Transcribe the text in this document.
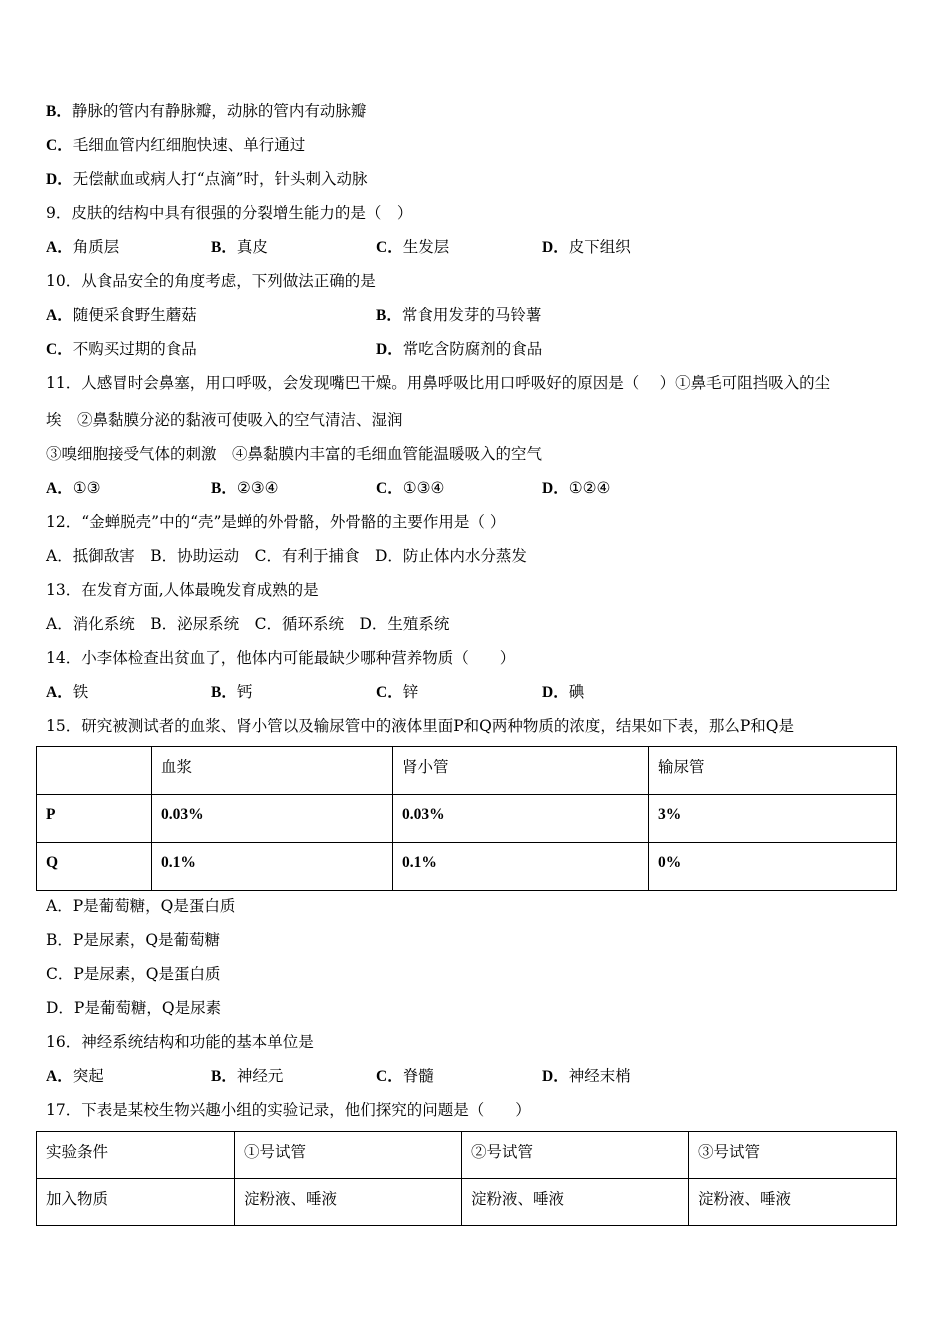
B．静脉的管内有静脉瓣，动脉的管内有动脉瓣
C．毛细血管内红细胞快速、单行通过
D．无偿献血或病人打“点滴”时，针头刺入动脉
9．皮肤的结构中具有很强的分裂增生能力的是（　）
A．角质层	B．真皮	C．生发层	D．皮下组织
10．从食品安全的角度考虑，下列做法正确的是
A．随便采食野生蘑菇	B．常食用发芽的马铃薯
C．不购买过期的食品	D．常吃含防腐剂的食品
11．人感冒时会鼻塞，用口呼吸，会发现嘴巴干燥。用鼻呼吸比用口呼吸好的原因是（　 ）①鼻毛可阻挡吸入的尘
埃　②鼻黏膜分泌的黏液可使吸入的空气清洁、湿润
③嗅细胞接受气体的刺激　④鼻黏膜内丰富的毛细血管能温暖吸入的空气
A．①③	B．②③④	C．①③④	D．①②④
12．“金蝉脱壳”中的“壳”是蝉的外骨骼，外骨骼的主要作用是（ ）
A．抵御敌害　B．协助运动　C．有利于捕食　D．防止体内水分蒸发
13．在发育方面,人体最晚发育成熟的是
A．消化系统　B．泌尿系统　C．循环系统　D．生殖系统
14．小李体检查出贫血了，他体内可能最缺少哪种营养物质（　　）
A．铁	B．钙	C．锌	D．碘
15．研究被测试者的血浆、肾小管以及输尿管中的液体里面P和Q两种物质的浓度，结果如下表，那么P和Q是

	血浆	肾小管	输尿管

P	0.03%	0.03%	3%

Q	0.1%	0.1%	0%
A．P是葡萄糖，Q是蛋白质
B．P是尿素，Q是葡萄糖
C．P是尿素，Q是蛋白质
D．P是葡萄糖，Q是尿素
16．神经系统结构和功能的基本单位是
A．突起	B．神经元	C．脊髓	D．神经末梢
17．下表是某校生物兴趣小组的实验记录，他们探究的问题是（　　）
实验条件	①号试管	②号试管	③号试管

加入物质	淀粉液、唾液	淀粉液、唾液	淀粉液、唾液
